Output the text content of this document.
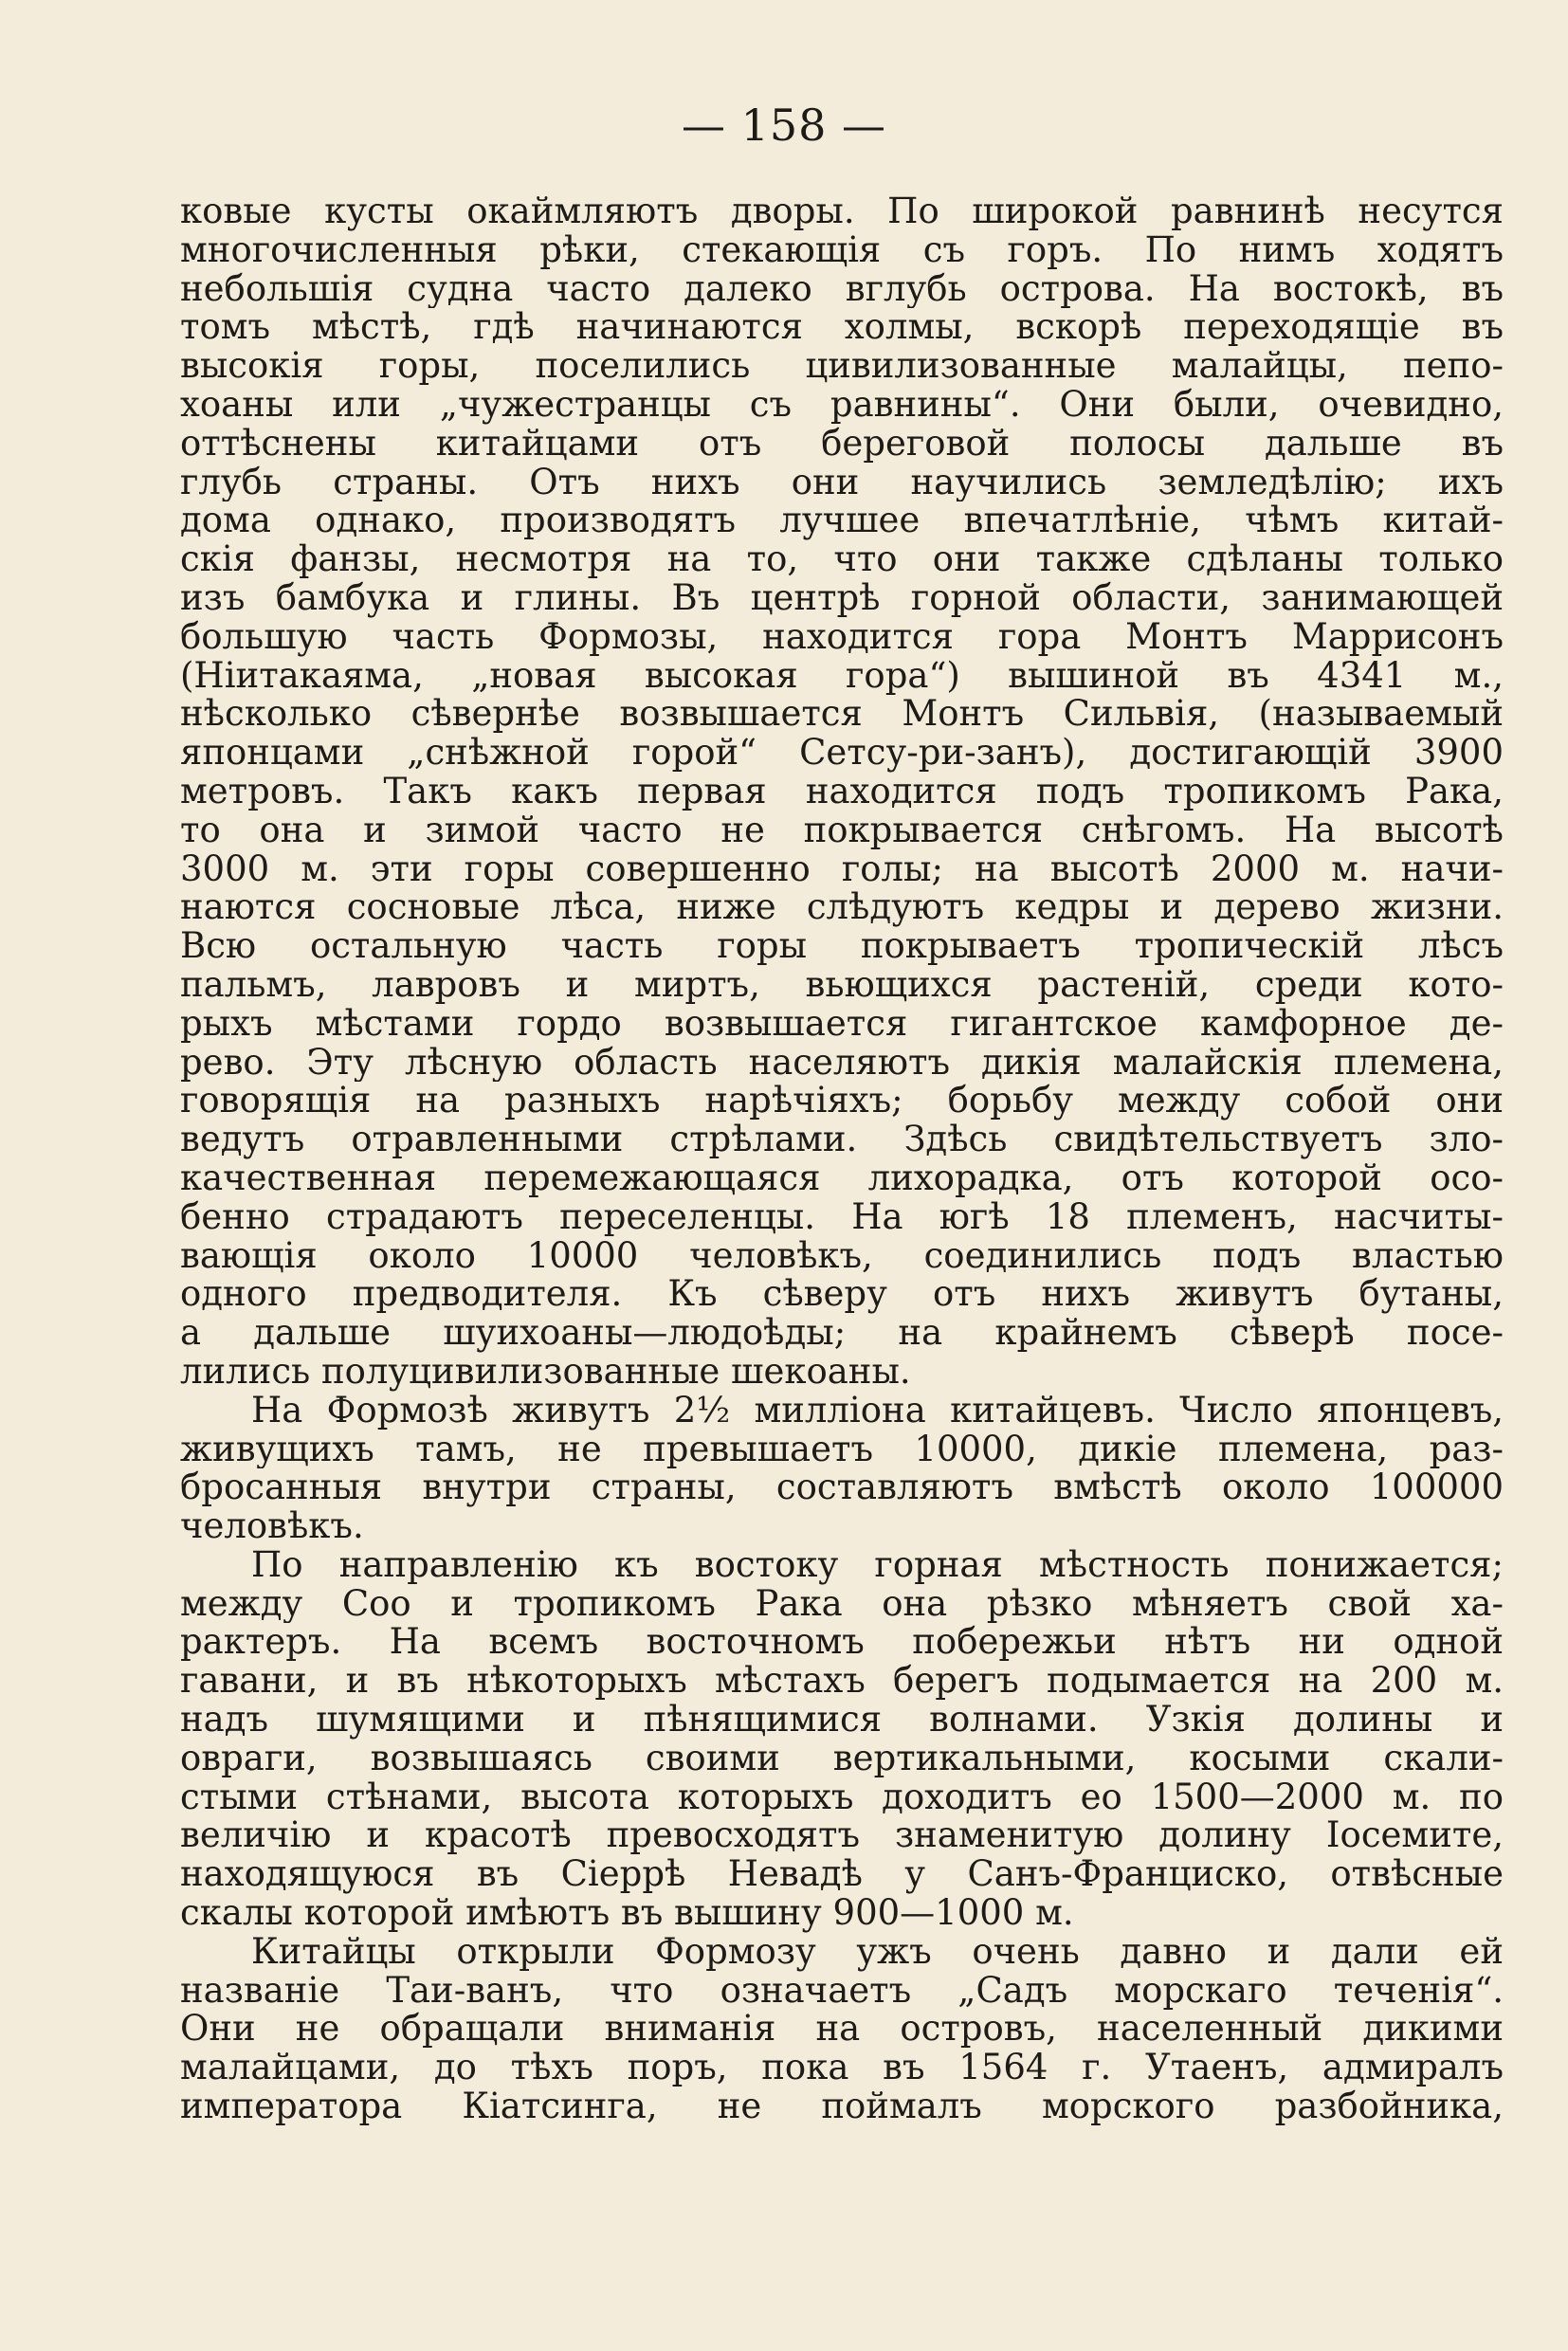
— 158 —
ковые кусты окаймляютъ дворы. По широкой равнинѣ несутся
многочисленныя рѣки, стекающія съ горъ. По нимъ ходятъ
небольшія судна часто далеко вглубь острова. На востокѣ, въ
томъ мѣстѣ, гдѣ начинаются холмы, вскорѣ переходящіе въ
высокія горы, поселились цивилизованные малайцы, пепо-
хоаны или „чужестранцы съ равнины“. Они были, очевидно,
оттѣснены китайцами отъ береговой полосы дальше въ
глубь страны. Отъ нихъ они научились земледѣлію; ихъ
дома однако, производятъ лучшее впечатлѣніе, чѣмъ китай-
скія фанзы, несмотря на то, что они также сдѣланы только
изъ бамбука и глины. Въ центрѣ горной области, занимающей
большую часть Формозы, находится гора Монтъ Маррисонъ
(Ніитакаяма, „новая высокая гора“) вышиной въ 4341 м.,
нѣсколько сѣвернѣе возвышается Монтъ Сильвія, (называемый
японцами „снѣжной горой“ Сетсу-ри-занъ), достигающій 3900
метровъ. Такъ какъ первая находится подъ тропикомъ Рака,
то она и зимой часто не покрывается снѣгомъ. На высотѣ
3000 м. эти горы совершенно голы; на высотѣ 2000 м. начи-
наются сосновые лѣса, ниже слѣдуютъ кедры и дерево жизни.
Всю остальную часть горы покрываетъ тропическій лѣсъ
пальмъ, лавровъ и миртъ, вьющихся растеній, среди кото-
рыхъ мѣстами гордо возвышается гигантское камфорное де-
рево. Эту лѣсную область населяютъ дикія малайскія племена,
говорящія на разныхъ нарѣчіяхъ; борьбу между собой они
ведутъ отравленными стрѣлами. Здѣсь свидѣтельствуетъ зло-
качественная перемежающаяся лихорадка, отъ которой осо-
бенно страдаютъ переселенцы. На югѣ 18 племенъ, насчиты-
вающія около 10000 человѣкъ, соединились подъ властью
одного предводителя. Къ сѣверу отъ нихъ живутъ бутаны,
а дальше шуихоаны—людоѣды; на крайнемъ сѣверѣ посе-
лились полуцивилизованные шекоаны.
На Формозѣ живутъ 2½ милліона китайцевъ. Число японцевъ,
живущихъ тамъ, не превышаетъ 10000, дикіе племена, раз-
бросанныя внутри страны, составляютъ вмѣстѣ около 100000
человѣкъ.
По направленію къ востоку горная мѣстность понижается;
между Соо и тропикомъ Рака она рѣзко мѣняетъ свой ха-
рактеръ. На всемъ восточномъ побережьи нѣтъ ни одной
гавани, и въ нѣкоторыхъ мѣстахъ берегъ подымается на 200 м.
надъ шумящими и пѣнящимися волнами. Узкія долины и
овраги, возвышаясь своими вертикальными, косыми скали-
стыми стѣнами, высота которыхъ доходитъ ео 1500—2000 м. по
величію и красотѣ превосходятъ знаменитую долину Іосемите,
находящуюся въ Сіеррѣ Невадѣ у Санъ-Франциско, отвѣсные
скалы которой имѣютъ въ вышину 900—1000 м.
Китайцы открыли Формозу ужъ очень давно и дали ей
названіе Таи-ванъ, что означаетъ „Садъ морскаго теченія“.
Они не обращали вниманія на островъ, населенный дикими
малайцами, до тѣхъ поръ, пока въ 1564 г. Утаенъ, адмиралъ
императора Кіатсинга, не поймалъ морского разбойника,
